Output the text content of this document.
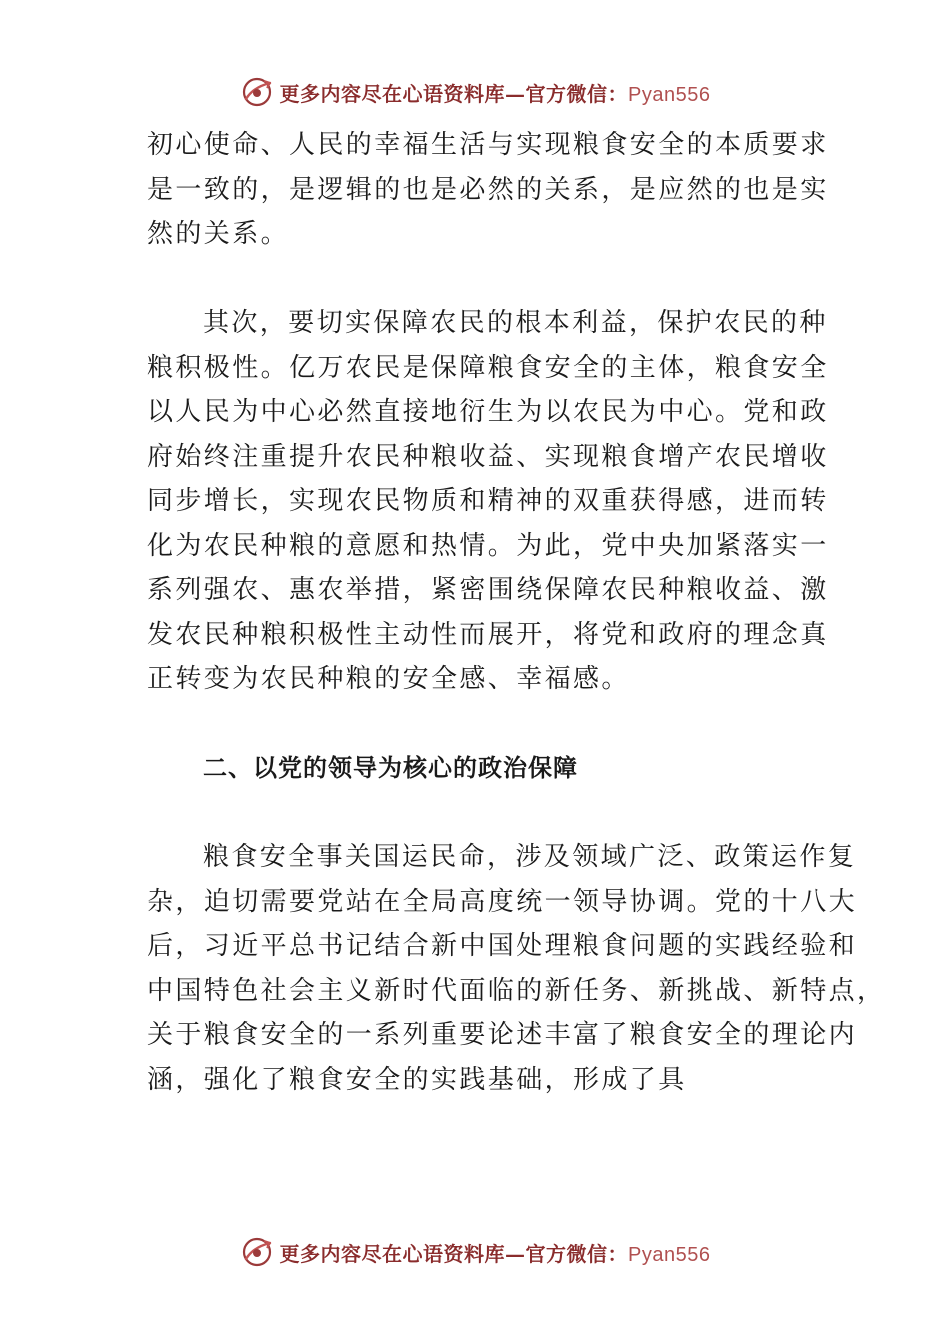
更多内容尽在心语资料库—官方微信：Pyan556
初心使命、人民的幸福生活与实现粮食安全的本质要求
是一致的，是逻辑的也是必然的关系，是应然的也是实
然的关系。
其次，要切实保障农民的根本利益，保护农民的种
粮积极性。亿万农民是保障粮食安全的主体，粮食安全
以人民为中心必然直接地衍生为以农民为中心。党和政
府始终注重提升农民种粮收益、实现粮食增产农民增收
同步增长，实现农民物质和精神的双重获得感，进而转
化为农民种粮的意愿和热情。为此，党中央加紧落实一
系列强农、惠农举措，紧密围绕保障农民种粮收益、激
发农民种粮积极性主动性而展开，将党和政府的理念真
正转变为农民种粮的安全感、幸福感。
二、以党的领导为核心的政治保障
粮食安全事关国运民命，涉及领域广泛、政策运作复
杂，迫切需要党站在全局高度统一领导协调。党的十八大
后，习近平总书记结合新中国处理粮食问题的实践经验和
中国特色社会主义新时代面临的新任务、新挑战、新特点，
关于粮食安全的一系列重要论述丰富了粮食安全的理论内
涵，强化了粮食安全的实践基础，形成了具
更多内容尽在心语资料库—官方微信：Pyan556
